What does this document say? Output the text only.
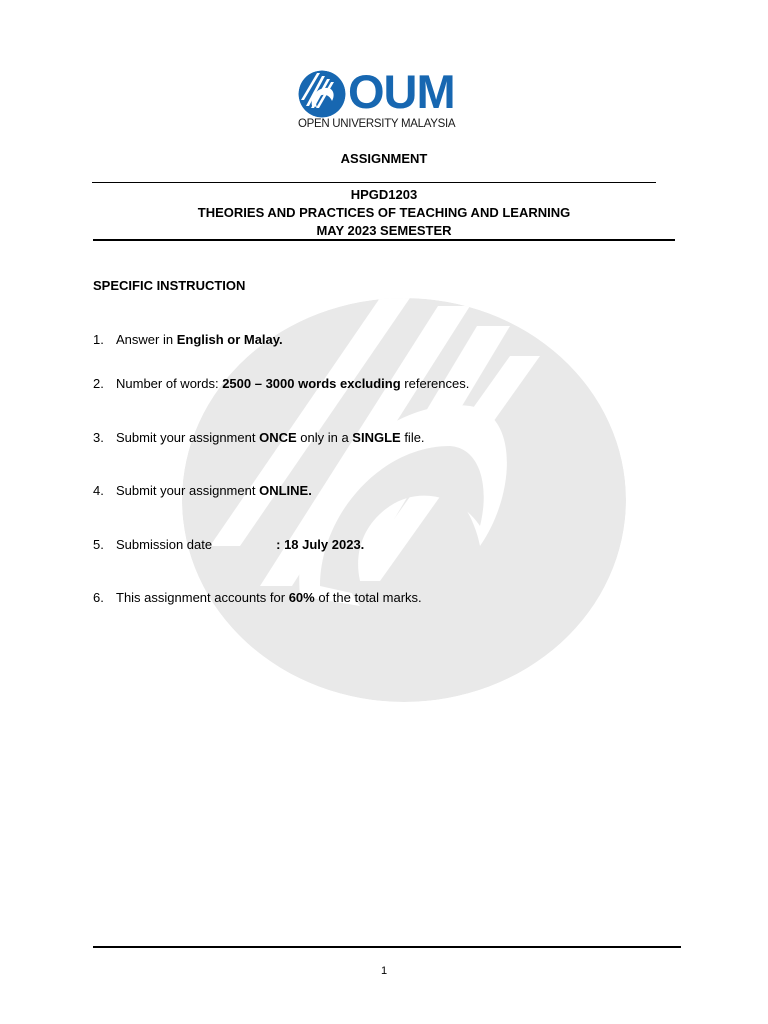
OUM
OPEN UNIVERSITY MALAYSIA
ASSIGNMENT
HPGD1203
THEORIES AND PRACTICES OF TEACHING AND LEARNING
MAY 2023 SEMESTER
SPECIFIC INSTRUCTION
1. Answer in English or Malay.
2. Number of words: 2500 – 3000 words excluding references.
3. Submit your assignment ONCE only in a SINGLE file.
4. Submit your assignment ONLINE.
5. Submission date	: 18 July 2023.
6. This assignment accounts for 60% of the total marks.
1
